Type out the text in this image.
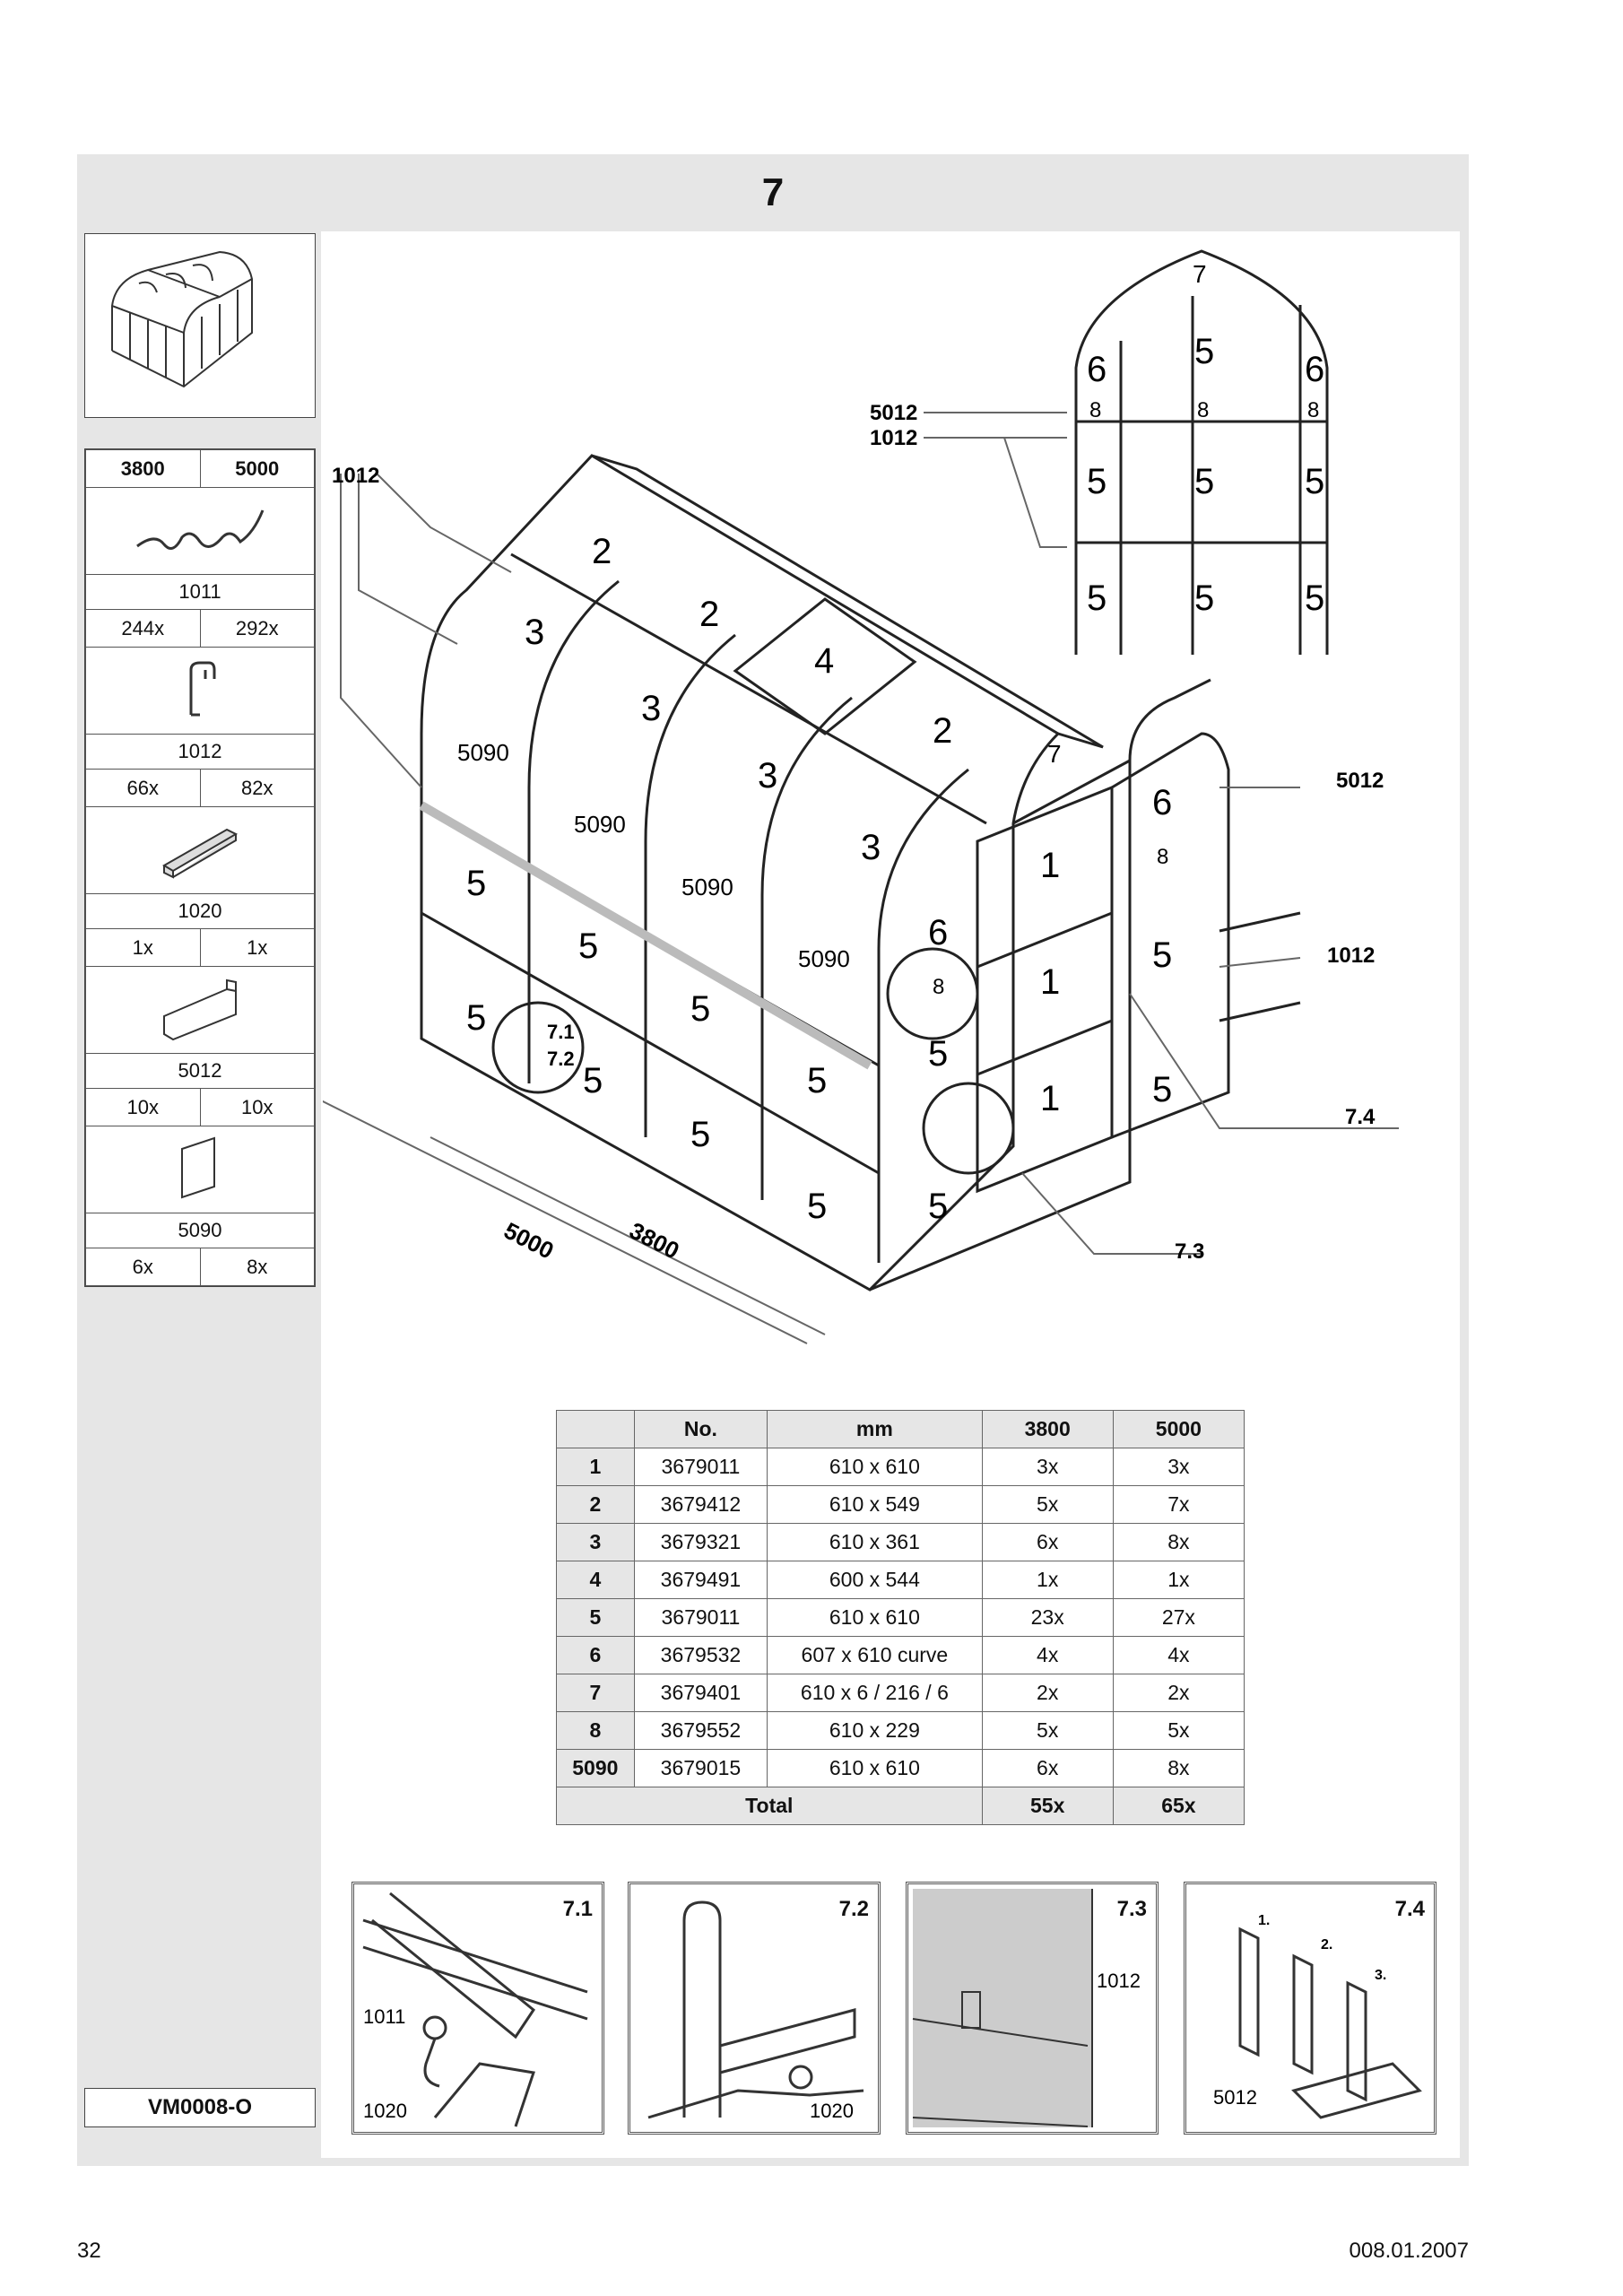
7
3800	5000

1011	
244x	292x

1012	
66x	82x

1020	
1x	1x

5012	
10x	10x

5090	
6x	8x
VM0008-O
1012
5012
1012
7.4
7.3
7.1
7.2
5000	3800
2
2
4
2
7
3
3
3
3
5090
5090
5090
5090
5
5
5
5
5
5
5
5
5
6
8
5
5
6
8
5
5
1
1
1
5012
1012
7
6 5	6
8	8	8
5 5	5
5 5	5
	No.	mm	3800	5000
1	3679011	610 x 610	3x	3x
2	3679412	610 x 549	5x	7x
3	3679321	610 x 361	6x	8x
4	3679491	600 x 544	1x	1x
5	3679011	610 x 610	23x	27x
6	3679532	607 x 610 curve	4x	4x
7	3679401	610 x 6 / 216 / 6	2x	2x
8	3679552	610 x 229	5x	5x
5090	3679015	610 x 610	6x	8x
Total			55x	65x
7.1
1011
1020
7.2
1020
7.3
1012
7.4
1.
2.
3.
5012
32	008.01.2007
